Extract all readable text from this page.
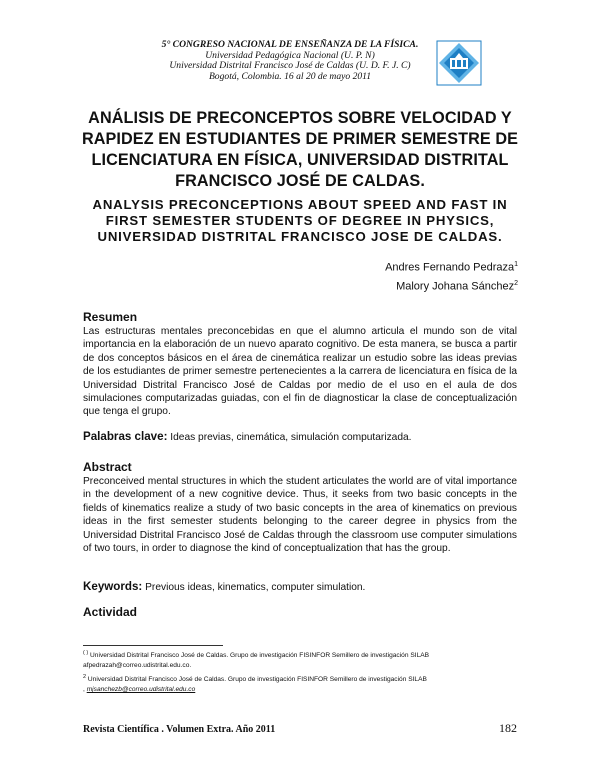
5° CONGRESO NACIONAL DE ENSEÑANZA DE LA FÍSICA.
Universidad Pedagógica Nacional (U. P. N)
Universidad Distrital Francisco José de Caldas (U. D. F. J. C)
Bogotá, Colombia. 16 al 20 de mayo 2011
ANÁLISIS DE PRECONCEPTOS SOBRE VELOCIDAD Y
RAPIDEZ EN ESTUDIANTES DE PRIMER SEMESTRE DE
LICENCIATURA EN FÍSICA, UNIVERSIDAD DISTRITAL
FRANCISCO JOSÉ DE CALDAS.
ANALYSIS PRECONCEPTIONS ABOUT SPEED AND FAST IN
FIRST SEMESTER STUDENTS OF DEGREE IN PHYSICS,
UNIVERSIDAD DISTRITAL FRANCISCO JOSE DE CALDAS.
Andres Fernando Pedraza$^1$
Malory Johana Sánchez$^2$
Resumen

Las estructuras mentales preconcebidas en que el alumno articula el mundo son de vital importancia en la elaboración de un nuevo aparato cognitivo. De esta manera, se busca a partir de dos conceptos básicos en el área de cinemática realizar un estudio sobre las ideas previas de los estudiantes de primer semestre pertenecientes a la carrera de licenciatura en física de la Universidad Distrital Francisco José de Caldas por medio de el uso en el aula de dos simulaciones computarizadas guiadas, con el fin de diagnosticar la clase de conceptualización que tenga el grupo.

Palabras clave: Ideas previas, cinemática, simulación computarizada.
Abstract

Preconceived mental structures in which the student articulates the world are of vital importance in the development of a new cognitive device. Thus, it seeks from two basic concepts in the fields of kinematics realize a study of two basic concepts in the area of kinematics on previous ideas in the first semester students belonging to the career degree in physics from the Universidad Distrital Francisco José de Caldas through the classroom use computer simulations of two tours, in order to diagnose the kind of conceptualization that has the group.

Keywords: Previous ideas, kinematics, computer simulation.
Actividad
( ) Universidad Distrital Francisco José de Caldas. Grupo de investigación FISINFOR Semillero de investigación SILAB
afpedrazah@correo.udistrital.edu.co.
$^2$ Universidad Distrital Francisco José de Caldas. Grupo de investigación FISINFOR Semillero de investigación SILAB
, mjsanchezb@correo.udistrital.edu.co
Revista Científica . Volumen Extra. Año 2011	182
